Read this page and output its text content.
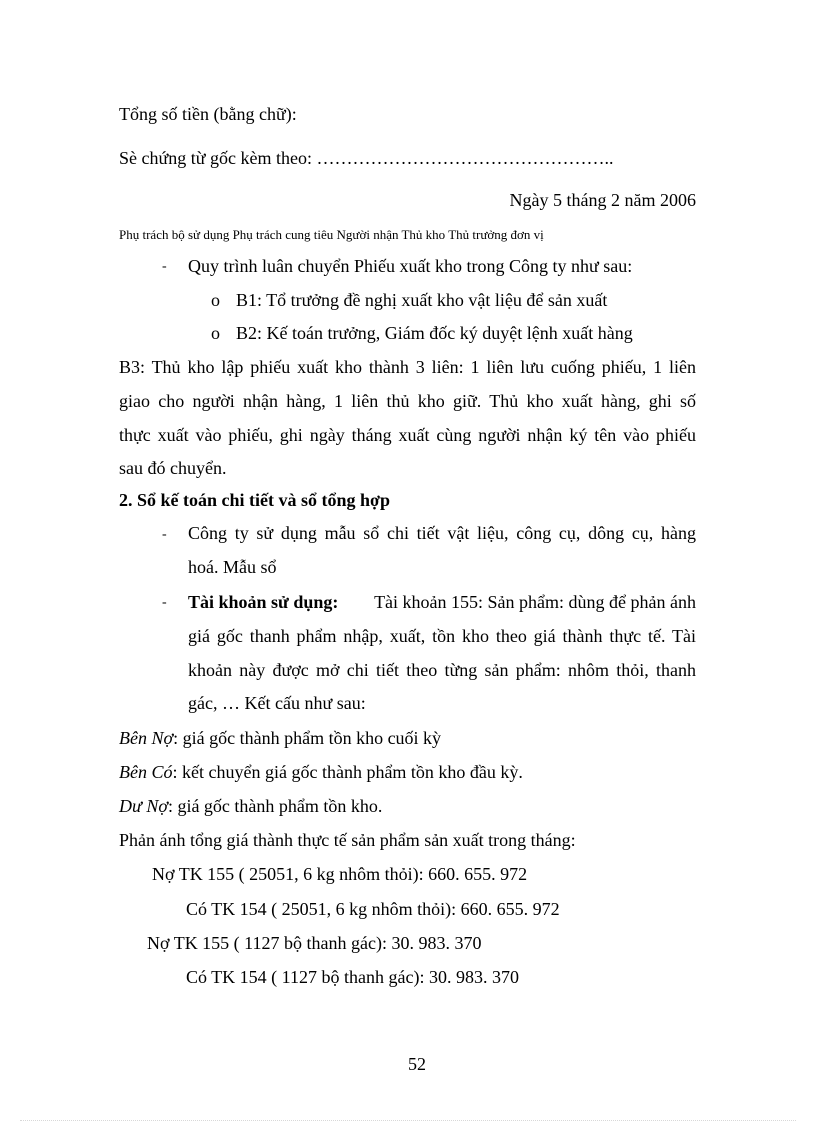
Tổng số tiền (bằng chữ):
Sè chứng từ gốc kèm theo: …………………………………………..
Ngày 5 tháng 2 năm 2006
Phụ trách bộ sử dụng Phụ trách cung tiêu Người nhận Thủ kho Thủ trưởng đơn vị
- Quy trình luân chuyển Phiếu xuất kho trong Công ty như sau:
o B1: Tổ trưởng đề nghị xuất kho vật liệu để sản xuất
o B2: Kế toán trưởng, Giám đốc ký duyệt lệnh xuất hàng
B3: Thủ kho lập phiếu xuất kho thành 3 liên: 1 liên lưu cuống phiếu, 1 liên
giao cho người nhận hàng, 1 liên thủ kho giữ. Thủ kho xuất hàng, ghi số
thực xuất vào phiếu, ghi ngày tháng xuất cùng người nhận ký tên vào phiếu
sau đó chuyển.
2. Sổ kế toán chi tiết và sổ tổng hợp
- Công ty sử dụng mẫu sổ chi tiết vật liệu, công cụ, dông cụ, hàng
hoá. Mẫu sổ
- Tài khoản sử dụng: Tài khoản 155: Sản phẩm: dùng để phản ánh
giá gốc thanh phẩm nhập, xuất, tồn kho theo giá thành thực tế. Tài
khoản này được mở chi tiết theo từng sản phẩm: nhôm thỏi, thanh
gác, … Kết cấu như sau:
Bên Nợ: giá gốc thành phẩm tồn kho cuối kỳ
Bên Có: kết chuyển giá gốc thành phẩm tồn kho đầu kỳ.
Dư Nợ: giá gốc thành phẩm tồn kho.
Phản ánh tổng giá thành thực tế sản phẩm sản xuất trong tháng:
Nợ TK 155 ( 25051, 6 kg nhôm thỏi): 660. 655. 972
Có TK 154 ( 25051, 6 kg nhôm thỏi): 660. 655. 972
Nợ TK 155 ( 1127 bộ thanh gác): 30. 983. 370
Có TK 154 ( 1127 bộ thanh gác): 30. 983. 370
52
